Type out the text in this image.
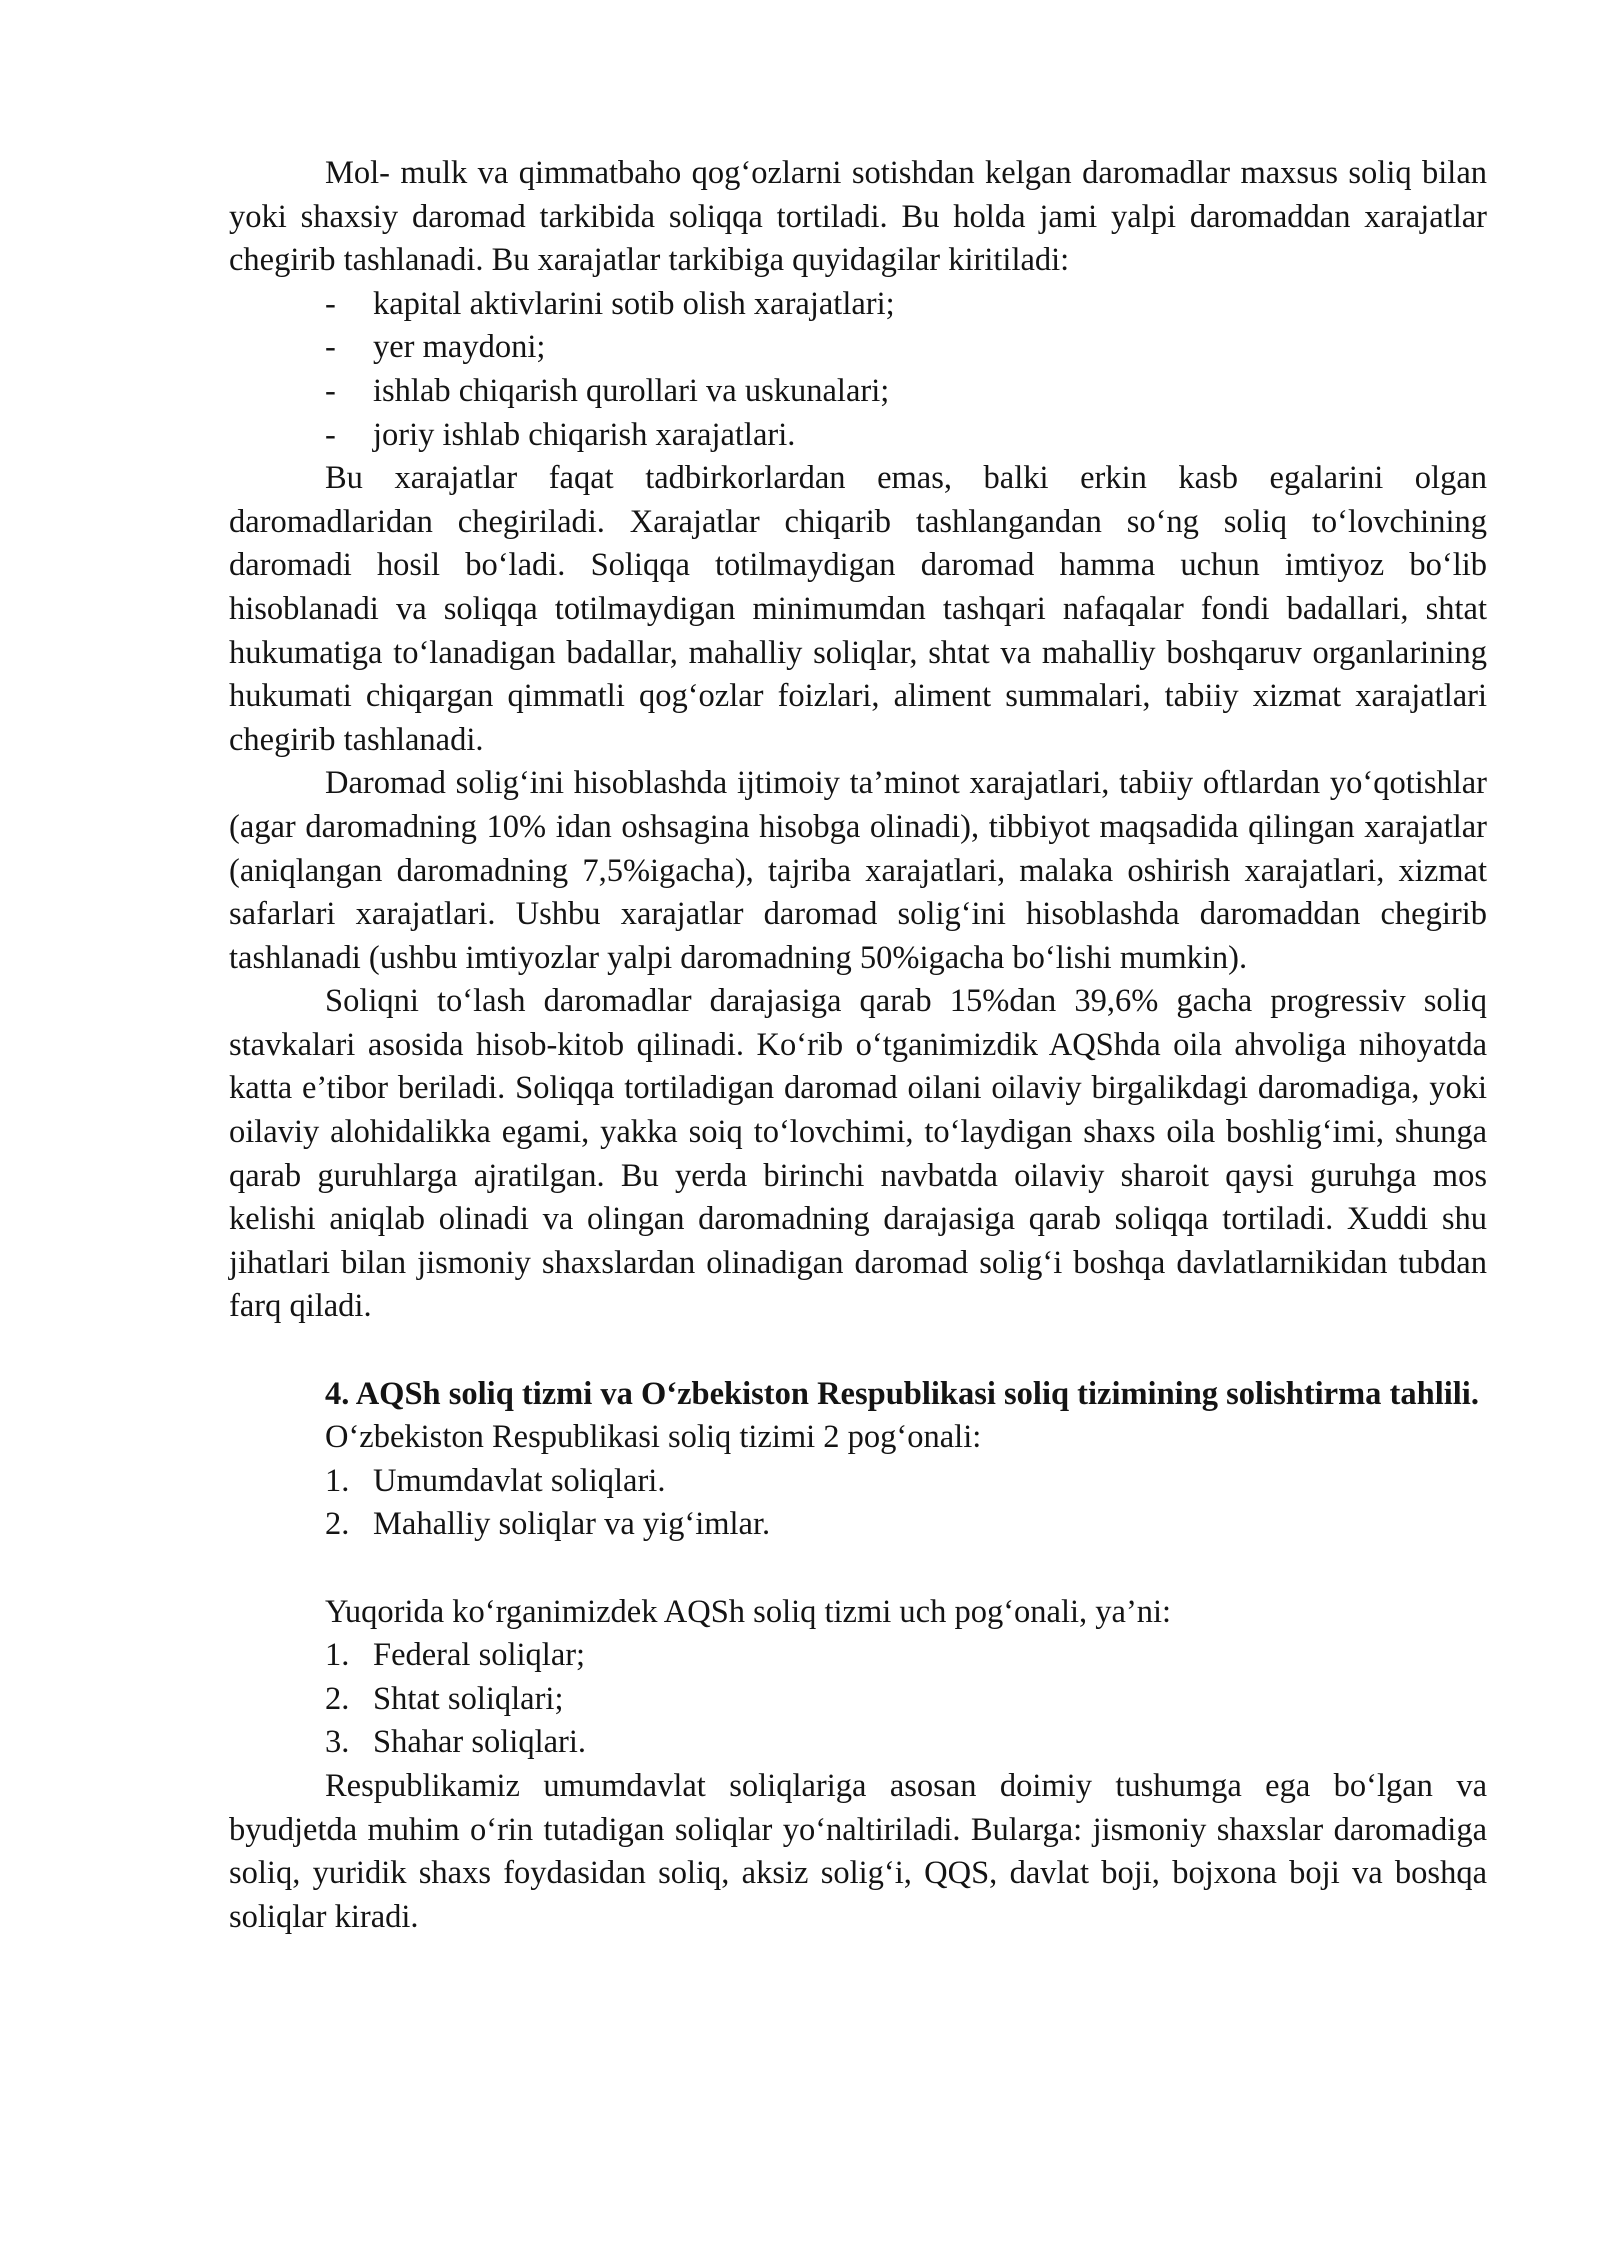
Mol- mulk va qimmatbaho qog‘ozlarni sotishdan kelgan daromadlar maxsus soliq bilan yoki shaxsiy daromad tarkibida soliqqa tortiladi. Bu holda jami yalpi daromaddan xarajatlar chegirib tashlanadi. Bu xarajatlar tarkibiga quyidagilar kiritiladi:

-	kapital aktivlarini sotib olish xarajatlari;
-	yer maydoni;
-	ishlab chiqarish qurollari va uskunalari;
-	joriy ishlab chiqarish xarajatlari.

Bu xarajatlar faqat tadbirkorlardan emas, balki erkin kasb egalarini olgan daromadlaridan chegiriladi. Xarajatlar chiqarib tashlangandan so‘ng soliq to‘lovchining daromadi hosil bo‘ladi. Soliqqa totilmaydigan daromad hamma uchun imtiyoz bo‘lib hisoblanadi va soliqqa totilmaydigan minimumdan tashqari nafaqalar fondi badallari, shtat hukumatiga to‘lanadigan badallar, mahalliy soliqlar, shtat va mahalliy boshqaruv organlarining hukumati chiqargan qimmatli qog‘ozlar foizlari, aliment summalari, tabiiy xizmat xarajatlari chegirib tashlanadi.

Daromad solig‘ini hisoblashda ijtimoiy ta’minot xarajatlari, tabiiy oftlardan yo‘qotishlar (agar daromadning 10% idan oshsagina hisobga olinadi), tibbiyot maqsadida qilingan xarajatlar (aniqlangan daromadning 7,5%igacha), tajriba xarajatlari, malaka oshirish xarajatlari, xizmat safarlari xarajatlari. Ushbu xarajatlar daromad solig‘ini hisoblashda daromaddan chegirib tashlanadi (ushbu imtiyozlar yalpi daromadning 50%igacha bo‘lishi mumkin).

Soliqni to‘lash daromadlar darajasiga qarab 15%dan 39,6% gacha progressiv soliq stavkalari asosida hisob-kitob qilinadi. Ko‘rib o‘tganimizdik AQShda oila ahvoliga nihoyatda katta e’tibor beriladi. Soliqqa tortiladigan daromad oilani oilaviy birgalikdagi daromadiga, yoki oilaviy alohidalikka egami, yakka soiq to‘lovchimi, to‘laydigan shaxs oila boshlig‘imi, shunga qarab guruhlarga ajratilgan. Bu yerda birinchi navbatda oilaviy sharoit qaysi guruhga mos kelishi aniqlab olinadi va olingan daromadning darajasiga qarab soliqqa tortiladi. Xuddi shu jihatlari bilan jismoniy shaxslardan olinadigan daromad solig‘i boshqa davlatlarnikidan tubdan farq qiladi.

4. AQSh soliq tizmi va O‘zbekiston Respublikasi soliq tizimining solishtirma tahlili.

O‘zbekiston Respublikasi soliq tizimi 2 pog‘onali:

1. Umumdavlat soliqlari.
2. Mahalliy soliqlar va yig‘imlar.

Yuqorida ko‘rganimizdek AQSh soliq tizmi uch pog‘onali, ya’ni:

1. Federal soliqlar;
2. Shtat soliqlari;
3. Shahar soliqlari.

Respublikamiz umumdavlat soliqlariga asosan doimiy tushumga ega bo‘lgan va byudjetda muhim o‘rin tutadigan soliqlar yo‘naltiriladi. Bularga: jismoniy shaxslar daromadiga soliq, yuridik shaxs foydasidan soliq, aksiz solig‘i, QQS, davlat boji, bojxona boji va boshqa soliqlar kiradi.
